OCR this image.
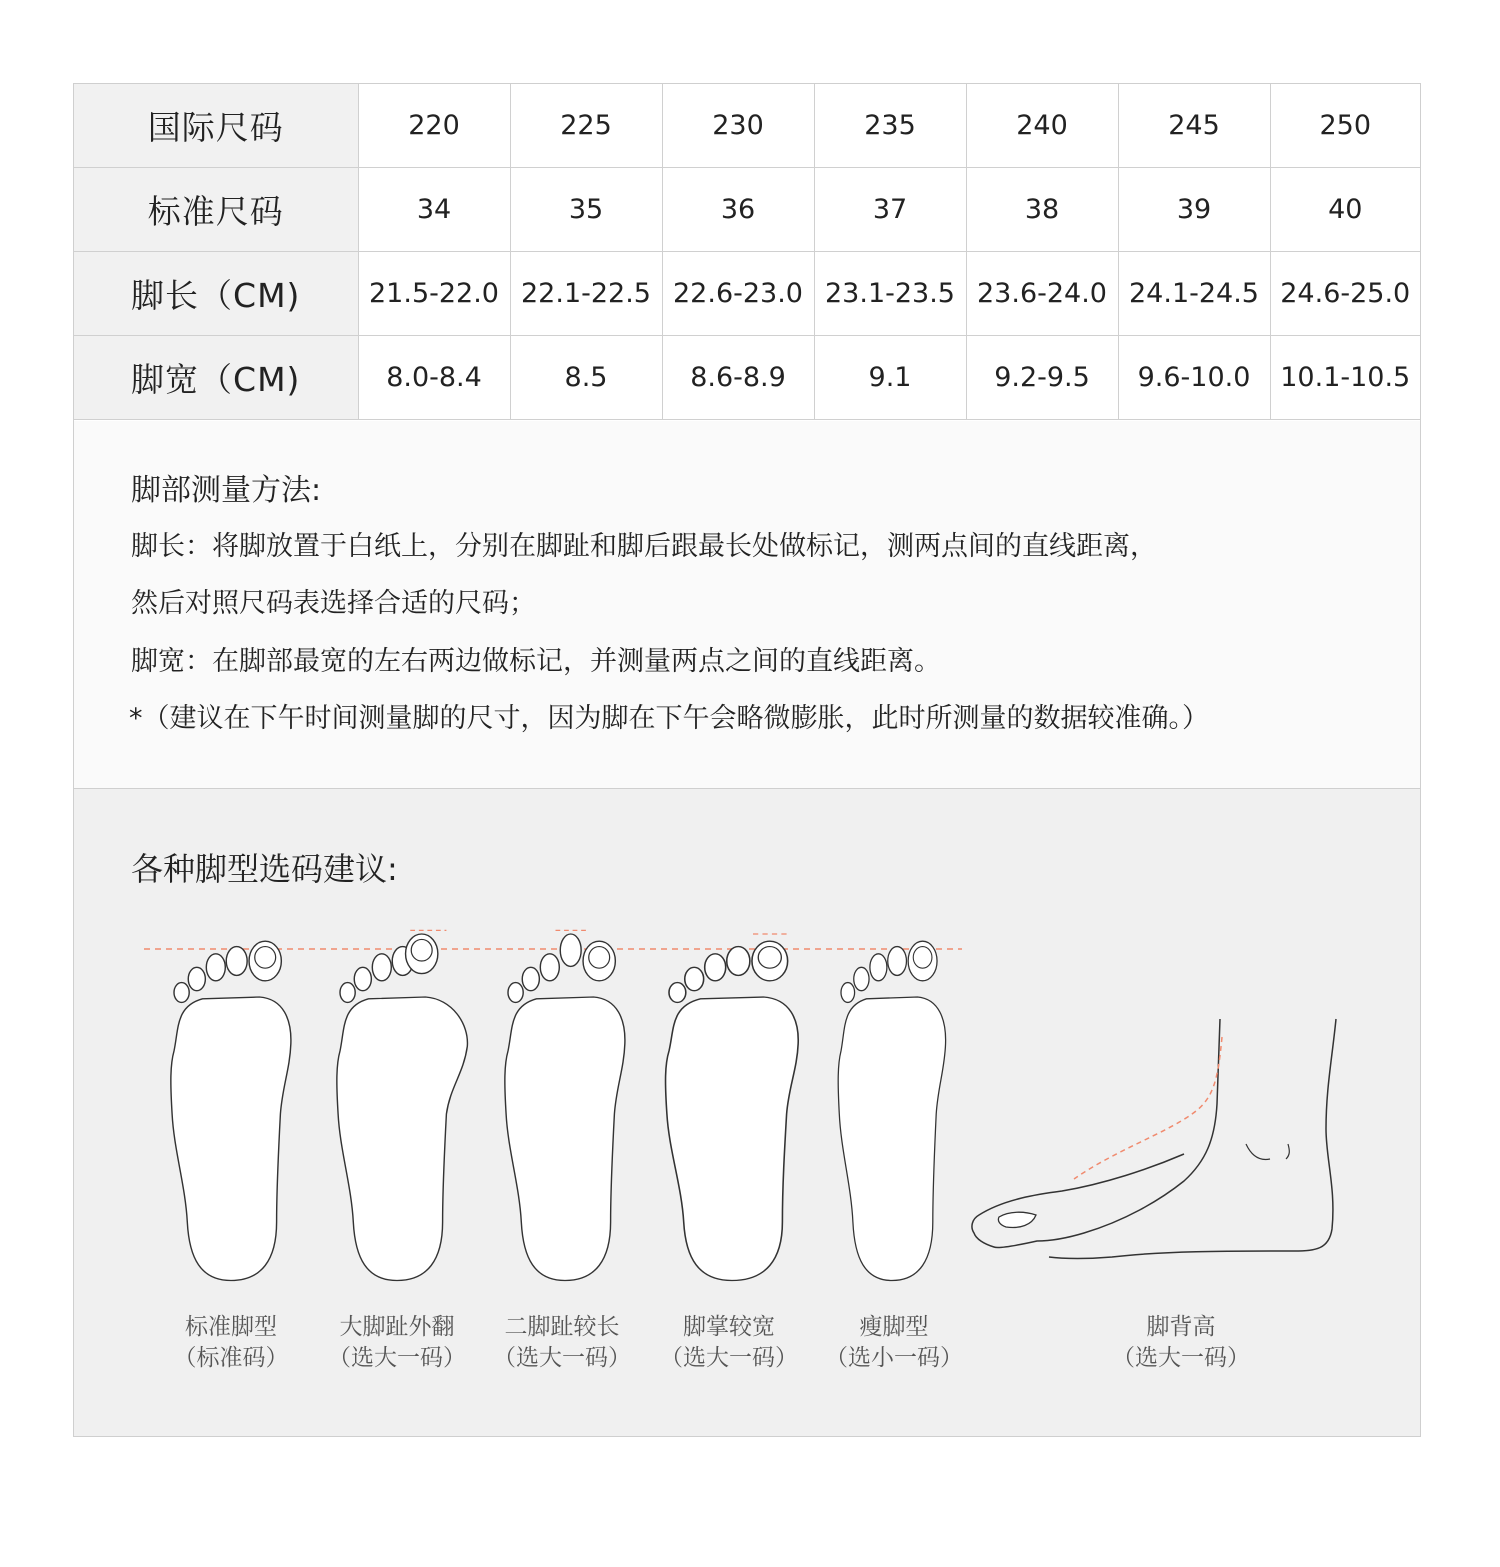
国际尺码	220	225	230	235	240	245	250
标准尺码	34	35	36	37	38	39	40
脚长（CM)	21.5-22.0	22.1-22.5	22.6-23.0	23.1-23.5	23.6-24.0	24.1-24.5	24.6-25.0
脚宽（CM)	8.0-8.4	8.5	8.6-8.9	9.1	9.2-9.5	9.6-10.0	10.1-10.5
脚部测量方法:
脚长：将脚放置于白纸上，分别在脚趾和脚后跟最长处做标记，测两点间的直线距离，
然后对照尺码表选择合适的尺码；
脚宽：在脚部最宽的左右两边做标记，并测量两点之间的直线距离。
*（建议在下午时间测量脚的尺寸，因为脚在下午会略微膨胀，此时所测量的数据较准确。）
各种脚型选码建议:
标准脚型
（标准码）
大脚趾外翻
（选大一码）
二脚趾较长
（选大一码）
脚掌较宽
（选大一码）
瘦脚型
（选小一码）
脚背高
（选大一码）
